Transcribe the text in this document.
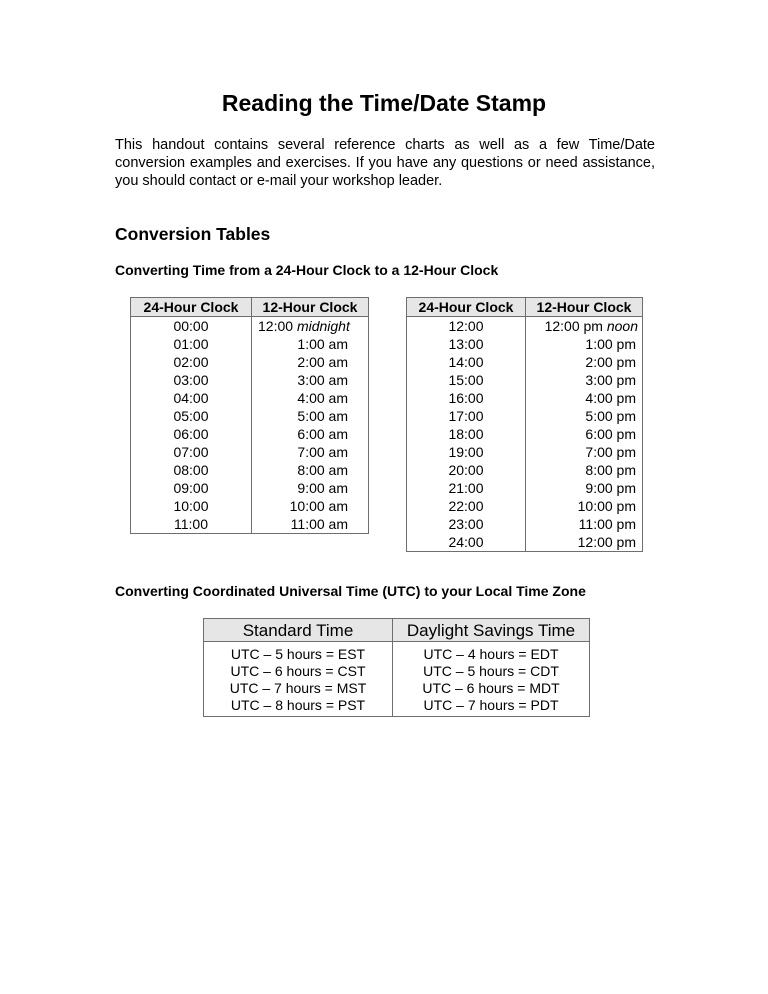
Reading the Time/Date Stamp

This handout contains several reference charts as well as a few Time/Date conversion examples and exercises. If you have any questions or need assistance, you should contact or e-mail your workshop leader.

Conversion Tables
Converting Time from a 24-Hour Clock to a 12-Hour Clock
24-Hour Clock	12-Hour Clock
00:00	12:00 midnight
01:00	1:00 am
02:00	2:00 am
03:00	3:00 am
04:00	4:00 am
05:00	5:00 am
06:00	6:00 am
07:00	7:00 am
08:00	8:00 am
09:00	9:00 am
10:00	10:00 am
11:00	11:00 am
24-Hour Clock	12-Hour Clock
12:00	12:00 pm noon
13:00	1:00 pm
14:00	2:00 pm
15:00	3:00 pm
16:00	4:00 pm
17:00	5:00 pm
18:00	6:00 pm
19:00	7:00 pm
20:00	8:00 pm
21:00	9:00 pm
22:00	10:00 pm
23:00	11:00 pm
24:00	12:00 pm
Converting Coordinated Universal Time (UTC) to your Local Time Zone
Standard Time	Daylight Savings Time
UTC – 5 hours = EST	UTC – 4 hours = EDT
UTC – 6 hours = CST	UTC – 5 hours = CDT
UTC – 7 hours = MST	UTC – 6 hours = MDT
UTC – 8 hours = PST	UTC – 7 hours = PDT
